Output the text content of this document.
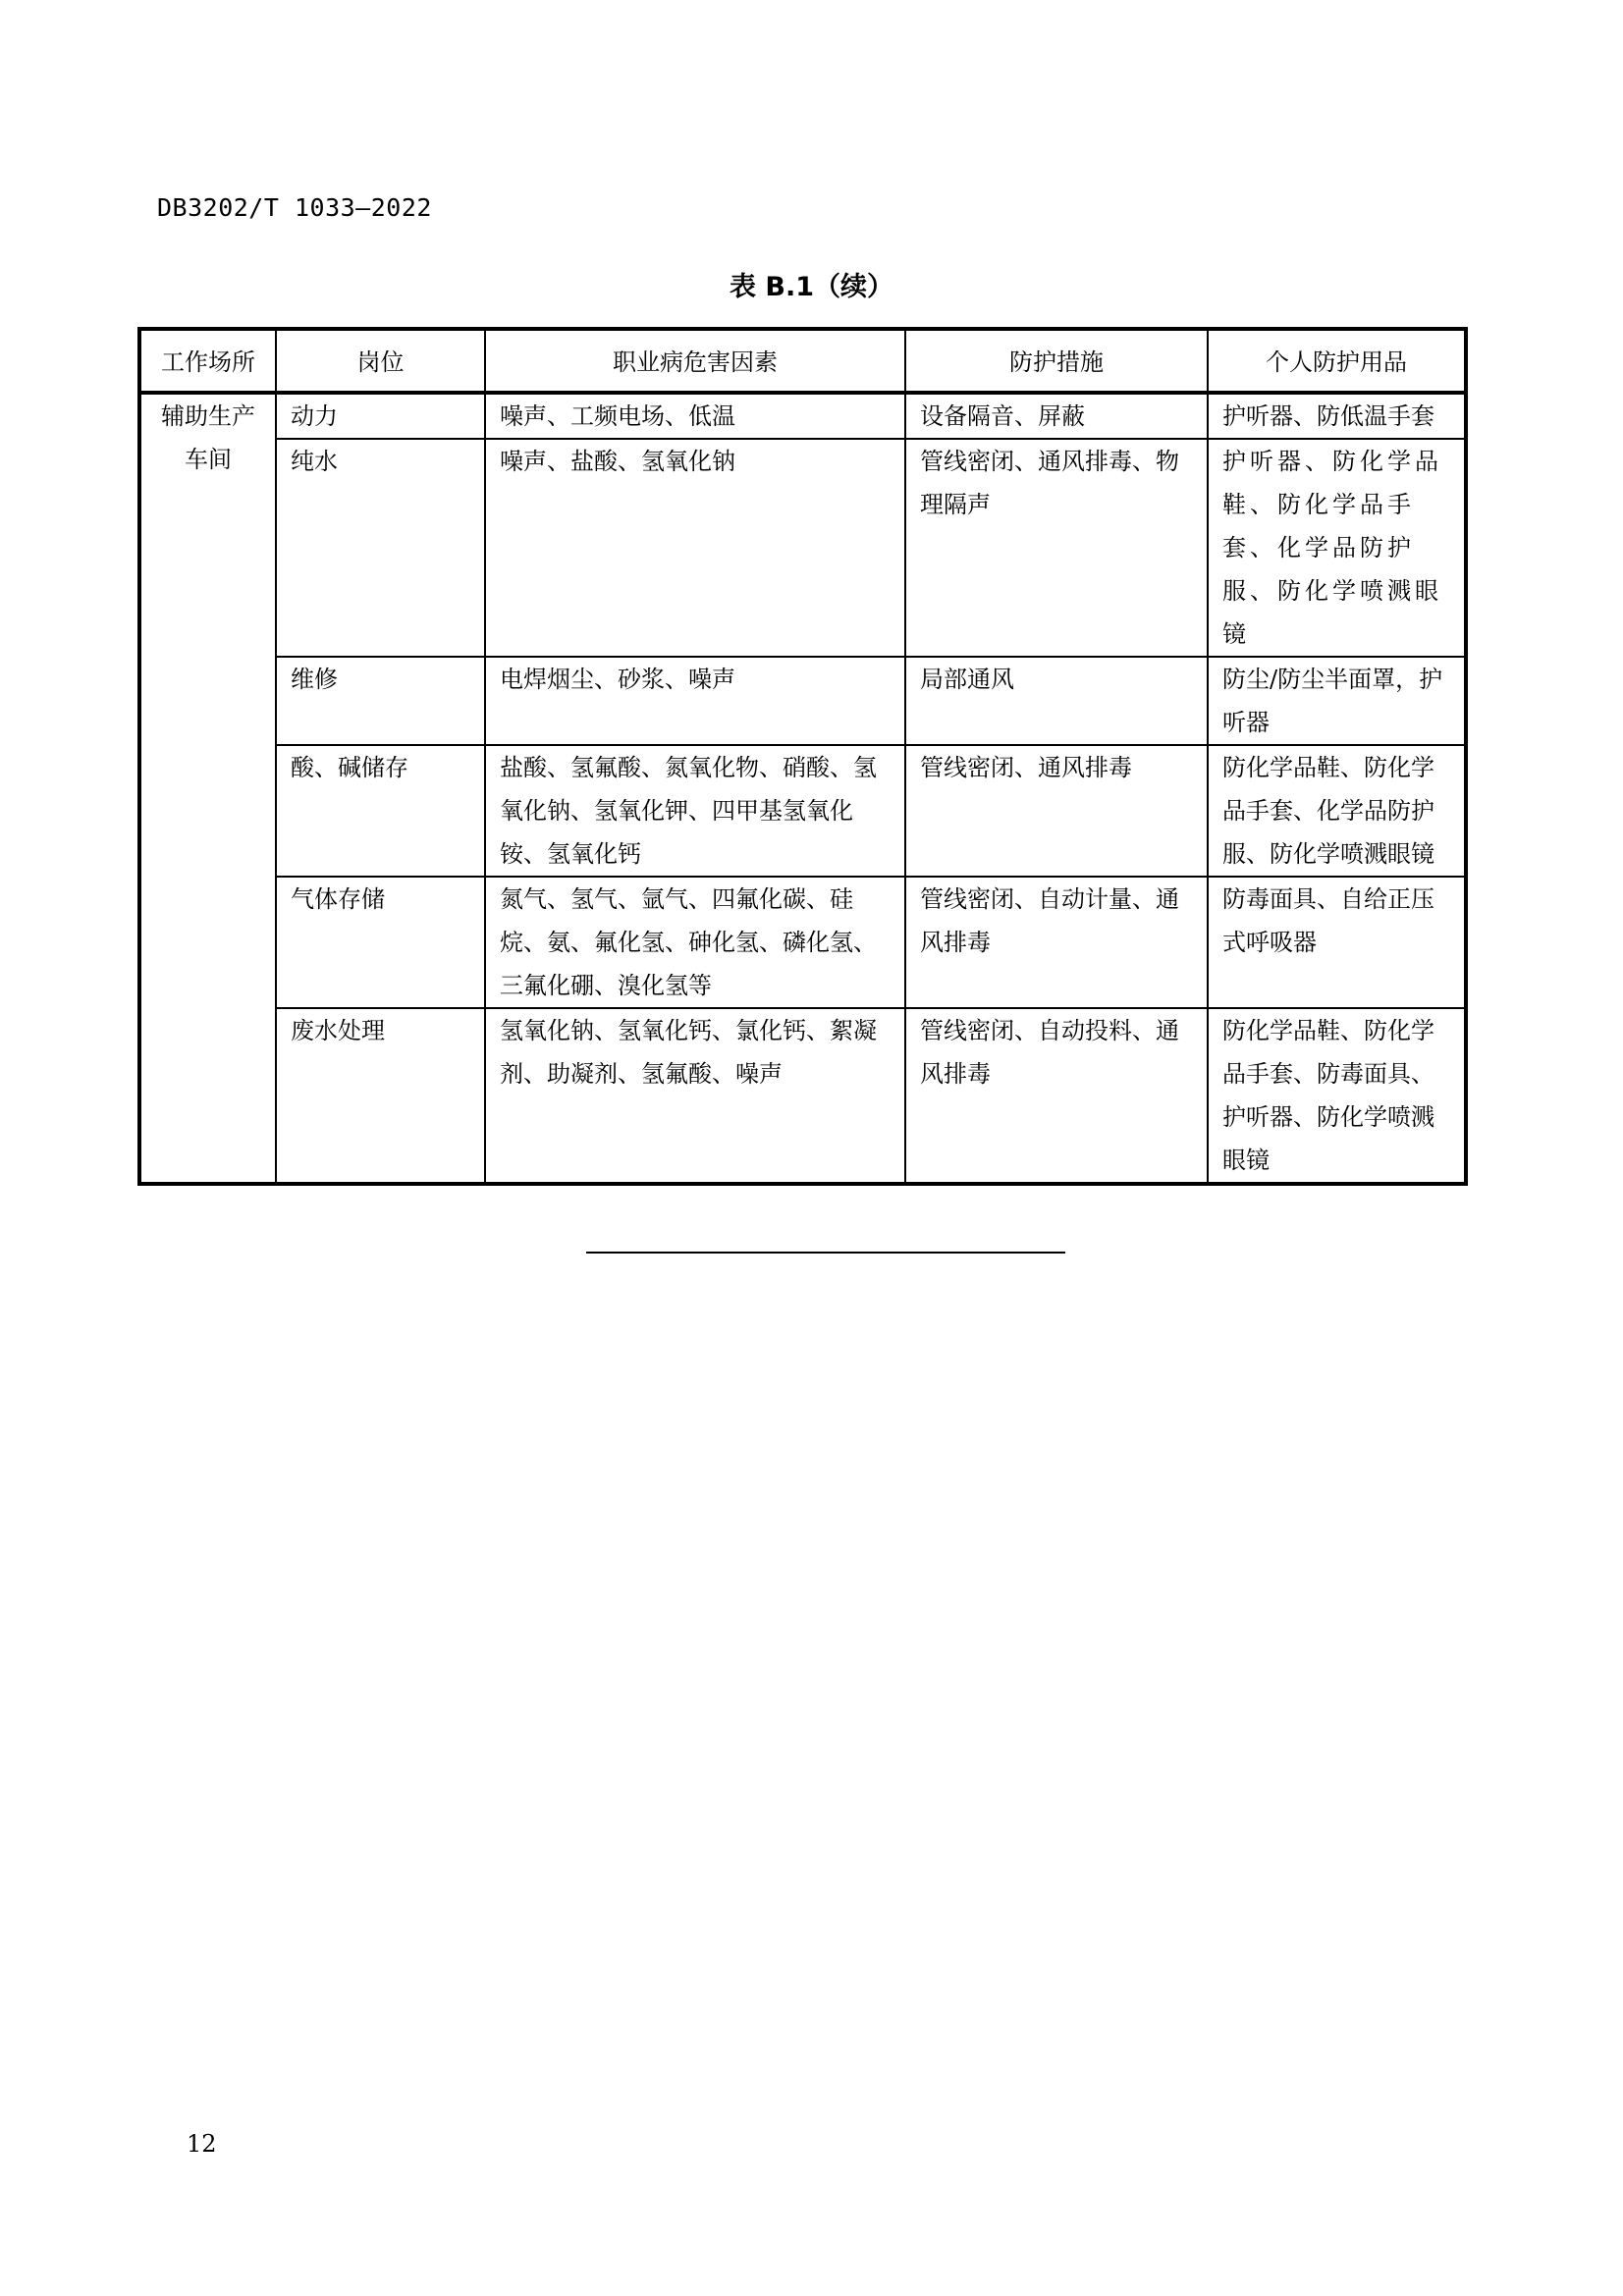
DB3202/T 1033—2022
表 B.1（续）
工作场所	岗位	职业病危害因素	防护措施	个人防护用品
辅助生产车间	动力	噪声、工频电场、低温	设备隔音、屏蔽	护听器、防低温手套
	纯水	噪声、盐酸、氢氧化钠	管线密闭、通风排毒、物理隔声	护听器、防化学品鞋、防化学品手套、化学品防护服、防化学喷溅眼镜
	维修	电焊烟尘、砂浆、噪声	局部通风	防尘/防尘半面罩，护听器
	酸、碱储存	盐酸、氢氟酸、氮氧化物、硝酸、氢氧化钠、氢氧化钾、四甲基氢氧化铵、氢氧化钙	管线密闭、通风排毒	防化学品鞋、防化学品手套、化学品防护服、防化学喷溅眼镜
	气体存储	氮气、氢气、氩气、四氟化碳、硅烷、氨、氟化氢、砷化氢、磷化氢、三氟化硼、溴化氢等	管线密闭、自动计量、通风排毒	防毒面具、自给正压式呼吸器
	废水处理	氢氧化钠、氢氧化钙、氯化钙、絮凝剂、助凝剂、氢氟酸、噪声	管线密闭、自动投料、通风排毒	防化学品鞋、防化学品手套、防毒面具、护听器、防化学喷溅眼镜
12
